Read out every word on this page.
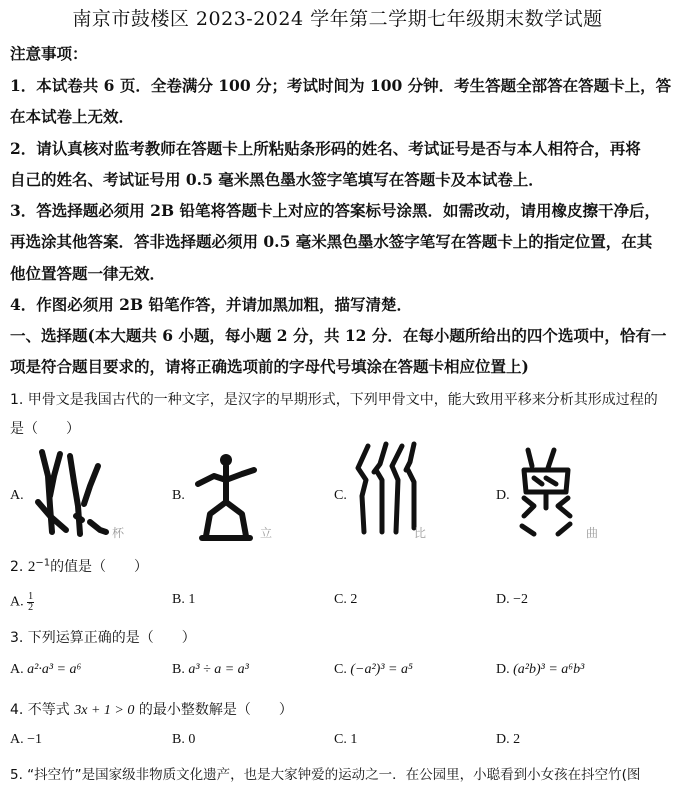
南京市鼓楼区 2023-2024 学年第二学期七年级期末数学试题
注意事项：
1．本试卷共 6 页．全卷满分 100 分；考试时间为 100 分钟．考生答题全部答在答题卡上，答
在本试卷上无效．
2．请认真核对监考教师在答题卡上所粘贴条形码的姓名、考试证号是否与本人相符合，再将
自己的姓名、考试证号用 0.5 毫米黑色墨水签字笔填写在答题卡及本试卷上．
3．答选择题必须用 2B 铅笔将答题卡上对应的答案标号涂黑．如需改动，请用橡皮擦干净后，
再选涂其他答案．答非选择题必须用 0.5 毫米黑色墨水签字笔写在答题卡上的指定位置，在其
他位置答题一律无效．
4．作图必须用 2B 铅笔作答，并请加黑加粗，描写清楚．
一、选择题(本大题共 6 小题，每小题 2 分，共 12 分．在每小题所给出的四个选项中，恰有一
项是符合题目要求的，请将正确选项前的字母代号填涂在答题卡相应位置上)
1. 甲骨文是我国古代的一种文字，是汉字的早期形式，下列甲骨文中，能大致用平移来分析其形成过程的
是（　　）
A.
杯
B.
立
C.
比
D.
曲
2. $2^{-1}$的值是（　　）
A. $\frac{1}{2}$	B. 1	C. 2	D. −2
3. 下列运算正确的是（　　）
A. a²·a³ = a⁶	B. a³ ÷ a = a³	C. (−a²)³ = a⁵	D. (a²b)³ = a⁶b³
4. 不等式 3x + 1 > 0 的最小整数解是（　　）
A. −1	B. 0	C. 1	D. 2
5. “抖空竹”是国家级非物质文化遗产，也是大家钟爱的运动之一．在公园里，小聪看到小女孩在抖空竹(图
